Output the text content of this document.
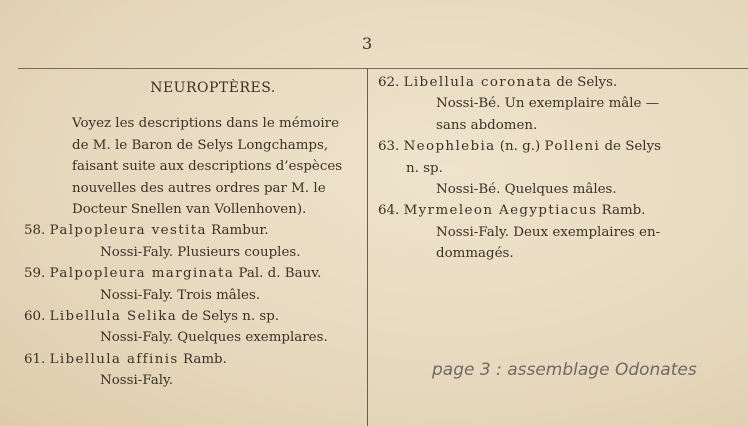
3
NEUROPTÈRES.
Voyez les descriptions dans le mémoire
de M. le Baron de Selys Longchamps,
faisant suite aux descriptions d’espèces
nouvelles des autres ordres par M. le
Docteur Snellen van Vollenhoven).
58. Palpopleura vestita Rambur.
Nossi-Faly. Plusieurs couples.
59. Palpopleura marginata Pal. d. Bauv.
Nossi-Faly. Trois mâles.
60. Libellula Selika de Selys n. sp.
Nossi-Faly. Quelques exemplares.
61. Libellula affinis Ramb.
Nossi-Faly.
62. Libellula coronata de Selys.
Nossi-Bé. Un exemplaire mâle —
sans abdomen.
63. Neophlebia (n. g.) Polleni de Selys
n. sp.
Nossi-Bé. Quelques mâles.
64. Myrmeleon Aegyptiacus Ramb.
Nossi-Faly. Deux exemplaires en-
dommagés.
page 3 : assemblage Odonates
